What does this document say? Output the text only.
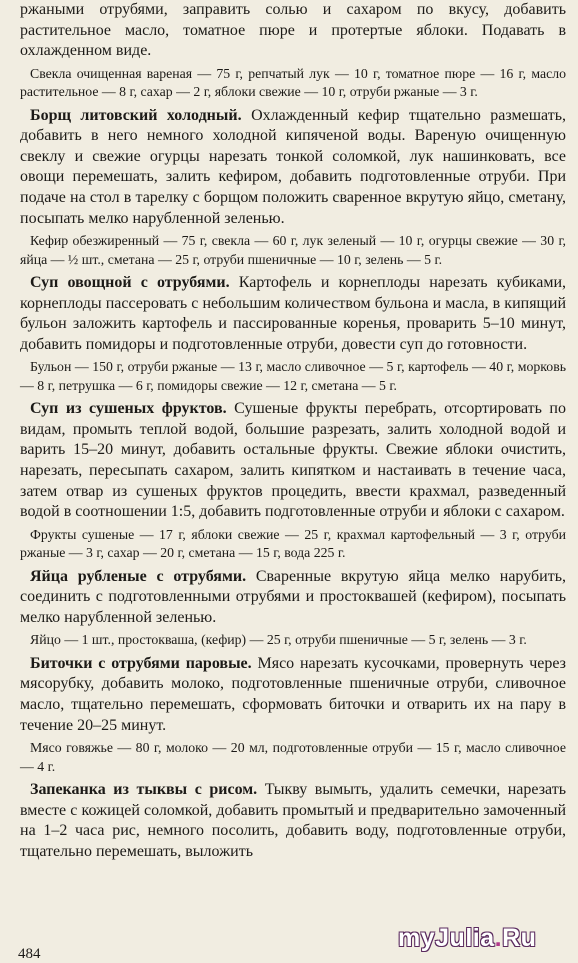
ржаными отрубями, заправить солью и сахаром по вкусу, добавить растительное масло, томатное пюре и протертые яблоки. Подавать в охлажденном виде.

Свекла очищенная вареная — 75 г, репчатый лук — 10 г, томатное пюре — 16 г, масло растительное — 8 г, сахар — 2 г, яблоки свежие — 10 г, отруби ржаные — 3 г.

Борщ литовский холодный. Охлажденный кефир тщательно размешать, добавить в него немного холодной кипяченой воды. Вареную очищенную свеклу и свежие огурцы нарезать тонкой соломкой, лук нашинковать, все овощи перемешать, залить кефиром, добавить подготовленные отруби. При подаче на стол в тарелку с борщом положить сваренное вкрутую яйцо, сметану, посыпать мелко нарубленной зеленью.

Кефир обезжиренный — 75 г, свекла — 60 г, лук зеленый — 10 г, огурцы свежие — 30 г, яйца — ½ шт., сметана — 25 г, отруби пшеничные — 10 г, зелень — 5 г.

Суп овощной с отрубями. Картофель и корнеплоды нарезать кубиками, корнеплоды пассеровать с небольшим количеством бульона и масла, в кипящий бульон заложить картофель и пассированные коренья, проварить 5–10 минут, добавить помидоры и подготовленные отруби, довести суп до готовности.

Бульон — 150 г, отруби ржаные — 13 г, масло сливочное — 5 г, картофель — 40 г, морковь — 8 г, петрушка — 6 г, помидоры свежие — 12 г, сметана — 5 г.

Суп из сушеных фруктов. Сушеные фрукты перебрать, отсортировать по видам, промыть теплой водой, большие разрезать, залить холодной водой и варить 15–20 минут, добавить остальные фрукты. Свежие яблоки очистить, нарезать, пересыпать сахаром, залить кипятком и настаивать в течение часа, затем отвар из сушеных фруктов процедить, ввести крахмал, разведенный водой в соотношении 1:5, добавить подготовленные отруби и яблоки с сахаром.

Фрукты сушеные — 17 г, яблоки свежие — 25 г, крахмал картофельный — 3 г, отруби ржаные — 3 г, сахар — 20 г, сметана — 15 г, вода 225 г.

Яйца рубленые с отрубями. Сваренные вкрутую яйца мелко нарубить, соединить с подготовленными отрубями и простоквашей (кефиром), посыпать мелко нарубленной зеленью.

Яйцо — 1 шт., простокваша, (кефир) — 25 г, отруби пшеничные — 5 г, зелень — 3 г.

Биточки с отрубями паровые. Мясо нарезать кусочками, провернуть через мясорубку, добавить молоко, подготовленные пшеничные отруби, сливочное масло, тщательно перемешать, сформовать биточки и отварить их на пару в течение 20–25 минут.

Мясо говяжье — 80 г, молоко — 20 мл, подготовленные отруби — 15 г, масло сливочное — 4 г.

Запеканка из тыквы с рисом. Тыкву вымыть, удалить семечки, нарезать вместе с кожицей соломкой, добавить промытый и предварительно замоченный на 1–2 часа рис, немного посолить, добавить воду, подготовленные отруби, тщательно перемешать, выложить

484
myJulia.Ru
